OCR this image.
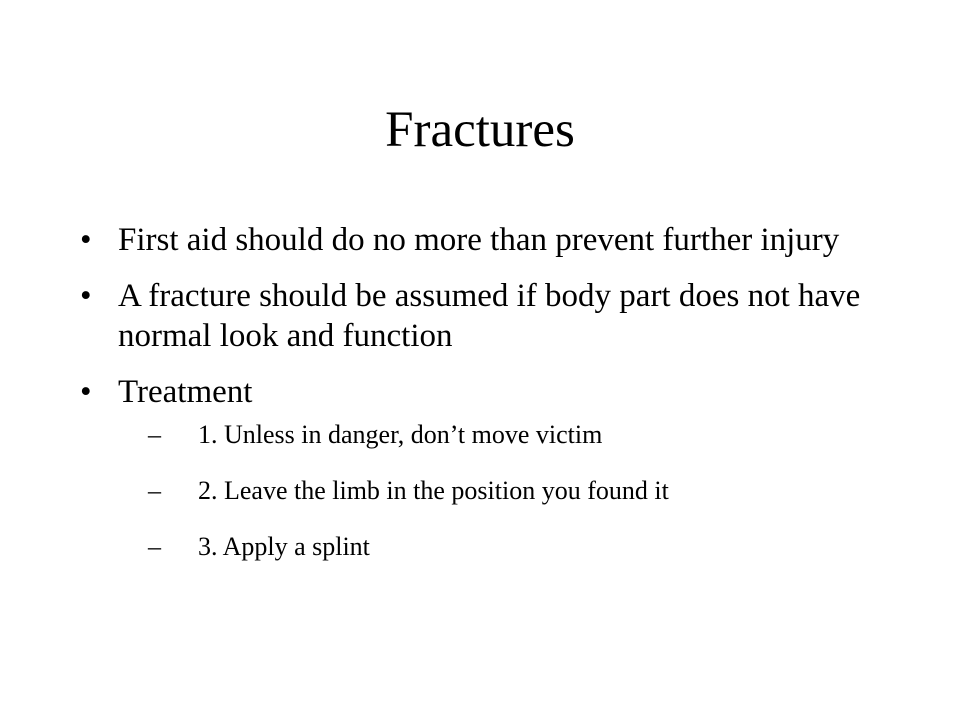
Fractures
• First aid should do no more than prevent further injury
• A fracture should be assumed if body part does not have normal look and function
• Treatment
– 1. Unless in danger, don’t move victim
– 2. Leave the limb in the position you found it
– 3. Apply a splint
